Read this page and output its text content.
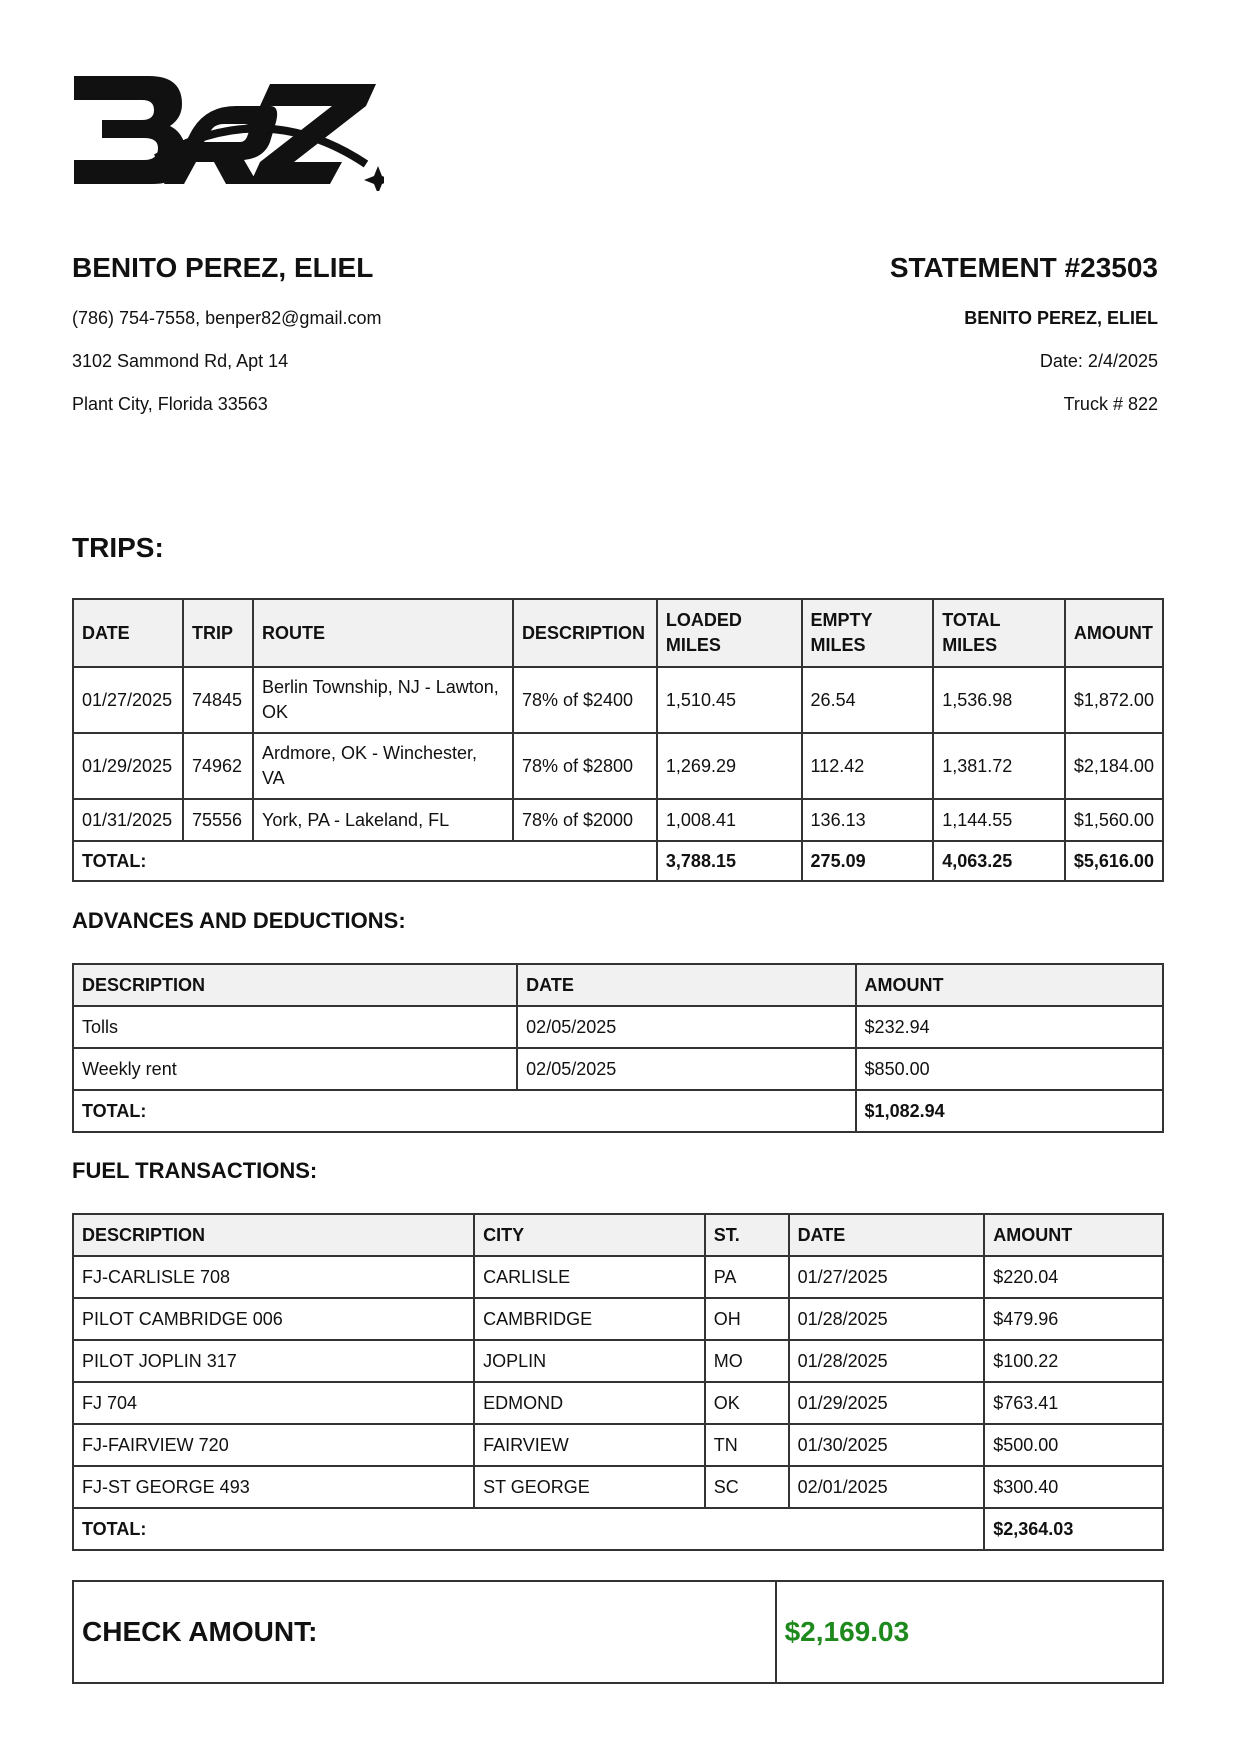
BENITO PEREZ, ELIEL	STATEMENT #23503
(786) 754-7558, benper82@gmail.com
3102 Sammond Rd, Apt 14
Plant City, Florida 33563
BENITO PEREZ, ELIEL
Date: 2/4/2025
Truck # 822
TRIPS:
DATE	TRIP	ROUTE	DESCRIPTION	LOADED MILES	EMPTY MILES	TOTAL MILES	AMOUNT
01/27/2025	74845	Berlin Township, NJ - Lawton, OK	78% of $2400	1,510.45	26.54	1,536.98	$1,872.00
01/29/2025	74962	Ardmore, OK - Winchester, VA	78% of $2800	1,269.29	112.42	1,381.72	$2,184.00
01/31/2025	75556	York, PA - Lakeland, FL	78% of $2000	1,008.41	136.13	1,144.55	$1,560.00
TOTAL:				3,788.15	275.09	4,063.25	$5,616.00
ADVANCES AND DEDUCTIONS:
DESCRIPTION	DATE	AMOUNT
Tolls	02/05/2025	$232.94
Weekly rent	02/05/2025	$850.00
TOTAL:		$1,082.94
FUEL TRANSACTIONS:
DESCRIPTION	CITY	ST.	DATE	AMOUNT
FJ-CARLISLE 708	CARLISLE	PA	01/27/2025	$220.04
PILOT CAMBRIDGE 006	CAMBRIDGE	OH	01/28/2025	$479.96
PILOT JOPLIN 317	JOPLIN	MO	01/28/2025	$100.22
FJ 704	EDMOND	OK	01/29/2025	$763.41
FJ-FAIRVIEW 720	FAIRVIEW	TN	01/30/2025	$500.00
FJ-ST GEORGE 493	ST GEORGE	SC	02/01/2025	$300.40
TOTAL:				$2,364.03
CHECK AMOUNT:	$2,169.03
